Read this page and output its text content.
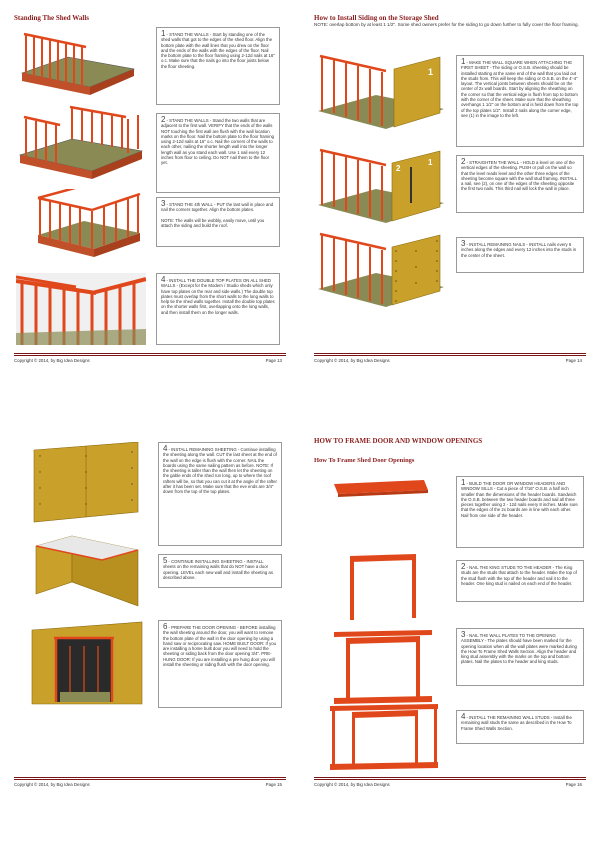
Standing The Shed Walls
1- STAND THE WALLS - Start by standing one of the shed walls that got to the edges of the shed floor. Align the bottom plate with the wall lines that you drew on the floor and the ends of the walls with the edges of the floor. Nail the bottom plate to the floor framing using 2-12d nails at 16" o.c. Make sure that the nails go into the floor joists below the floor sheeting.
2- STAND THE WALLS - Stand the two walls that are adjacent to the first wall. VERIFY that the ends of the walls NOT touching the first wall are flush with the wall location marks on the floor. Nail the bottom plate to the floor framing using 2-12d nails at 16" o.c. Nail the corners of the walls to each other, nailing the shorter length wall into the longer length wall as you stand each wall. Use 1 nail every 12 inches from floor to ceiling. Do NOT nail them to the floor yet.
3- STAND THE 4th WALL - PUT the last wall in place and nail the corners together. Align the bottom plates.

NOTE: The walls will be wobbly, easily move, until you attach the siding and build the roof.
4- INSTALL THE DOUBLE TOP PLATES ON ALL SHED WALLS - (Except for the Modern / Studio sheds which only have top plates on the rear and side walls.) The double top plates must overlap from the short walls to the long walls to help tie the shed walls together. Install the double top plates on the shorter walls first, overlapping onto the long walls, and then install them on the longer walls.
Copyright © 2014, by Big Idea Designs	Page 13
How to Install Siding on the Storage Shed
NOTE: overlap bottom by at least 1 1/2". Some shed owners prefer for the siding to go down further to fully cover the floor framing.
1
1- MAKE THE WALL SQUARE WHEN ATTACHING THE FIRST SHEET - The siding or O.S.B. sheeting should be installed starting at the same end of the wall that you laid out the studs from. This will keep the siding or O.S.B. on the 4'-4" layout. The vertical joints between sheets should be on the center of 2x wall boards. Start by aligning the sheathing on the corner so that the vertical edge is flush from top to bottom with the corner of the sheet. Make sure that the sheathing overhangs 1 1/2" on the bottom and is held down from the top of the top plates 1/2". Install 2 nails along the corner edge, see (1) in the image to the left.
2
1	2- STRAIGHTEN THE WALL - HOLD a level on one of the vertical edges of the sheeting. PUSH or pull on the wall so that the level reads level and the other three edges of the sheeting become square with the wall stud framing. INSTALL a nail, see (2), on one of the edges of the sheeting opposite the first two nails. This third nail will lock the wall in place.
3- INSTALL REMAINING NAILS - INSTALL nails every 6 inches along the edges and every 12 inches into the studs in the center of the sheet.
Copyright © 2014, by Big Idea Designs	Page 14
4- INSTALL REMAINING SHEETING - Continue installing the sheeting along the wall. CUT the last sheet at the end of the wall on the edge is flush with the corner. NAIL the boards using the same nailing pattern as before. NOTE: If the sheeting is taller than the wall then let the sheeting on the gable ends of the shed run long, up to where the roof rafters will be, so that you can cut it at the angle of the rafter after it has been set. Make sure that the eve ends are 3/4" down from the top of the top plates.
5- CONTINUE INSTALLING SHEETING - INSTALL sheets on the remaining walls that do NOT have a door opening. LEVEL each new wall and install the sheeting as described above.
6- PREPARE THE DOOR OPENING - BEFORE installing the wall sheeting around the door, you will want to remove the bottom plate of the wall in the door opening by using a hand saw or reciprocating saw. HOME BUILT DOOR: If you are installing a home built door you will need to hold the sheeting or siding back from the door opening 3/4". PRE-HUNG DOOR: If you are installing a pre hung door you will install the sheeting or siding flush with the door opening.
Copyright © 2014, by Big Idea Designs	Page 15
HOW TO FRAME DOOR AND WINDOW OPENINGS
How To Frame Shed Door Openings
1- BUILD THE DOOR OR WINDOW HEADERS AND WINDOW SILLS - Cut a piece of 7/16" O.S.B. a half inch smaller than the dimensions of the header boards. Sandwich the O.S.B. between the two header boards and nail all three pieces together using 2 - 12d nails every 8 inches. Make sure that the edges of the 2x boards are in line with each other. Nail from one side of the header.
2- NAIL THE KING STUDS TO THE HEADER - The King studs are the studs that attach to the header. Make the top of the stud flush with the top of the header and nail it to the header. One king stud is nailed on each end of the header.
3- NAIL THE WALL PLATES TO THE OPENING ASSEMBLY - The plates should have been marked for the opening location when all the wall plates were marked during the How To Frame Shed Walls Section. Align the header and king stud assembly with the marks on the top and bottom plates. Nail the plates to the header and king studs.
4- INSTALL THE REMAINING WALL STUDS - Install the remaining wall studs the same as described in the How To Frame Shed Walls Section.
Copyright © 2014, by Big Idea Designs	Page 16
